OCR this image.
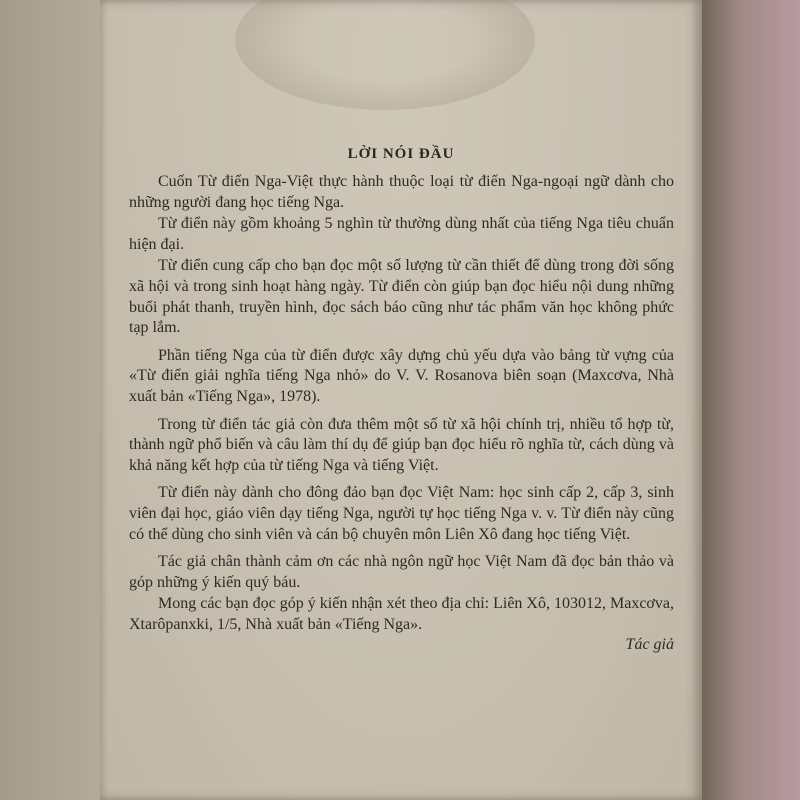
LỜI NÓI ĐẦU

Cuốn Từ điển Nga-Việt thực hành thuộc loại từ điển Nga-ngoại ngữ dành cho những người đang học tiếng Nga.

Từ điển này gồm khoảng 5 nghìn từ thường dùng nhất của tiếng Nga tiêu chuẩn hiện đại.

Từ điển cung cấp cho bạn đọc một số lượng từ cần thiết để dùng trong đời sống xã hội và trong sinh hoạt hàng ngày. Từ điển còn giúp bạn đọc hiểu nội dung những buổi phát thanh, truyền hình, đọc sách báo cũng như tác phẩm văn học không phức tạp lắm.

Phần tiếng Nga của từ điển được xây dựng chủ yếu dựa vào bảng từ vựng của «Từ điển giải nghĩa tiếng Nga nhỏ» do V. V. Rosanova biên soạn (Maxcơva, Nhà xuất bản «Tiếng Nga», 1978).

Trong từ điển tác giả còn đưa thêm một số từ xã hội chính trị, nhiều tổ hợp từ, thành ngữ phổ biến và câu làm thí dụ để giúp bạn đọc hiểu rõ nghĩa từ, cách dùng và khả năng kết hợp của từ tiếng Nga và tiếng Việt.

Từ điển này dành cho đông đảo bạn đọc Việt Nam: học sinh cấp 2, cấp 3, sinh viên đại học, giáo viên dạy tiếng Nga, người tự học tiếng Nga v. v. Từ điển này cũng có thể dùng cho sinh viên và cán bộ chuyên môn Liên Xô đang học tiếng Việt.

Tác giả chân thành cảm ơn các nhà ngôn ngữ học Việt Nam đã đọc bản thảo và góp những ý kiến quý báu.

Mong các bạn đọc góp ý kiến nhận xét theo địa chỉ: Liên Xô, 103012, Maxcơva, Xtarôpanxki, 1/5, Nhà xuất bản «Tiếng Nga».

Tác giả
